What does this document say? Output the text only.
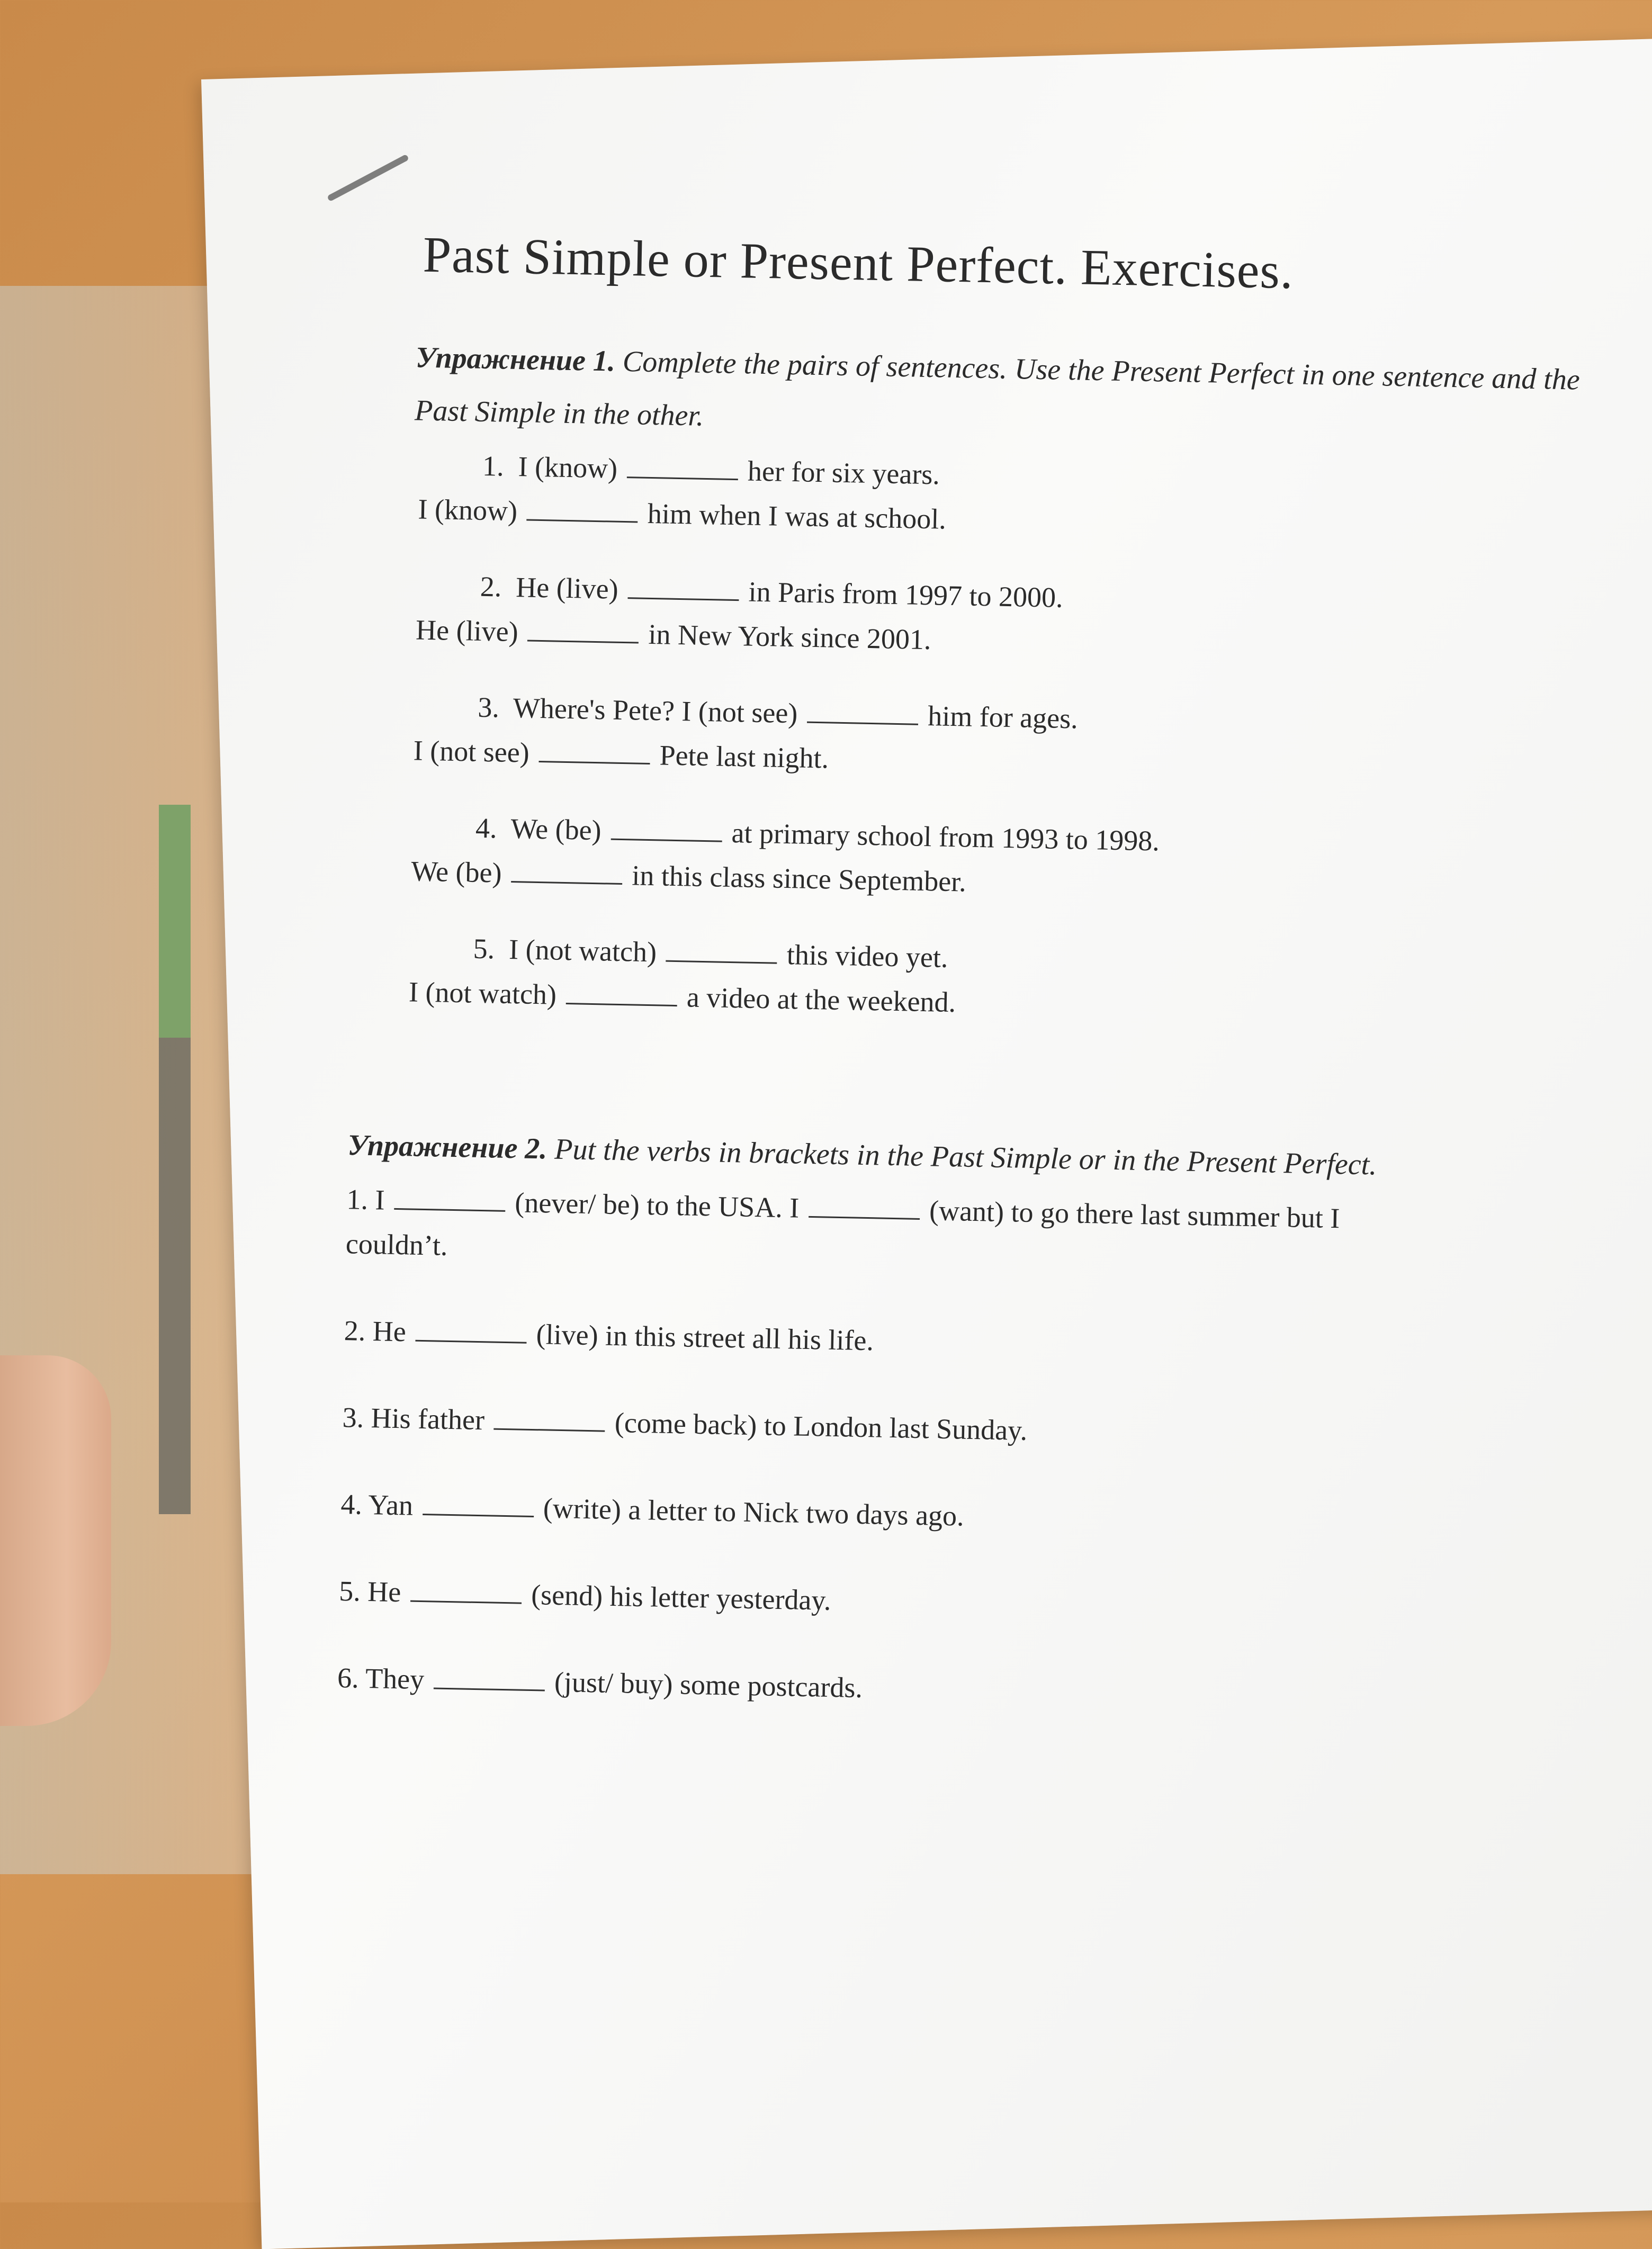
Past Simple or Present Perfect. Exercises.
Упражнение 1. Complete the pairs of sentences. Use the Present Perfect in one sentence and the Past Simple in the other.
1.  I (know)	her for six years.
I (know)	him when I was at school.
2.  He (live)	in Paris from 1997 to 2000.
He (live)	in New York since 2001.
3.  Where's Pete? I (not see)	him for ages.
I (not see)	Pete last night.
4.  We (be)	at primary school from 1993 to 1998.
We (be)	in this class since September.
5.  I (not watch)	this video yet.
I (not watch)	a video at the weekend.
Упражнение 2. Put the verbs in brackets in the Past Simple or in the Present Perfect.
1. I	(never/ be) to the USA. I	(want) to go there last summer but I
couldn’t.
2. He	(live) in this street all his life.
3. His father	(come back) to London last Sunday.
4. Yan	(write) a letter to Nick two days ago.
5. He	(send) his letter yesterday.
6. They	(just/ buy) some postcards.
